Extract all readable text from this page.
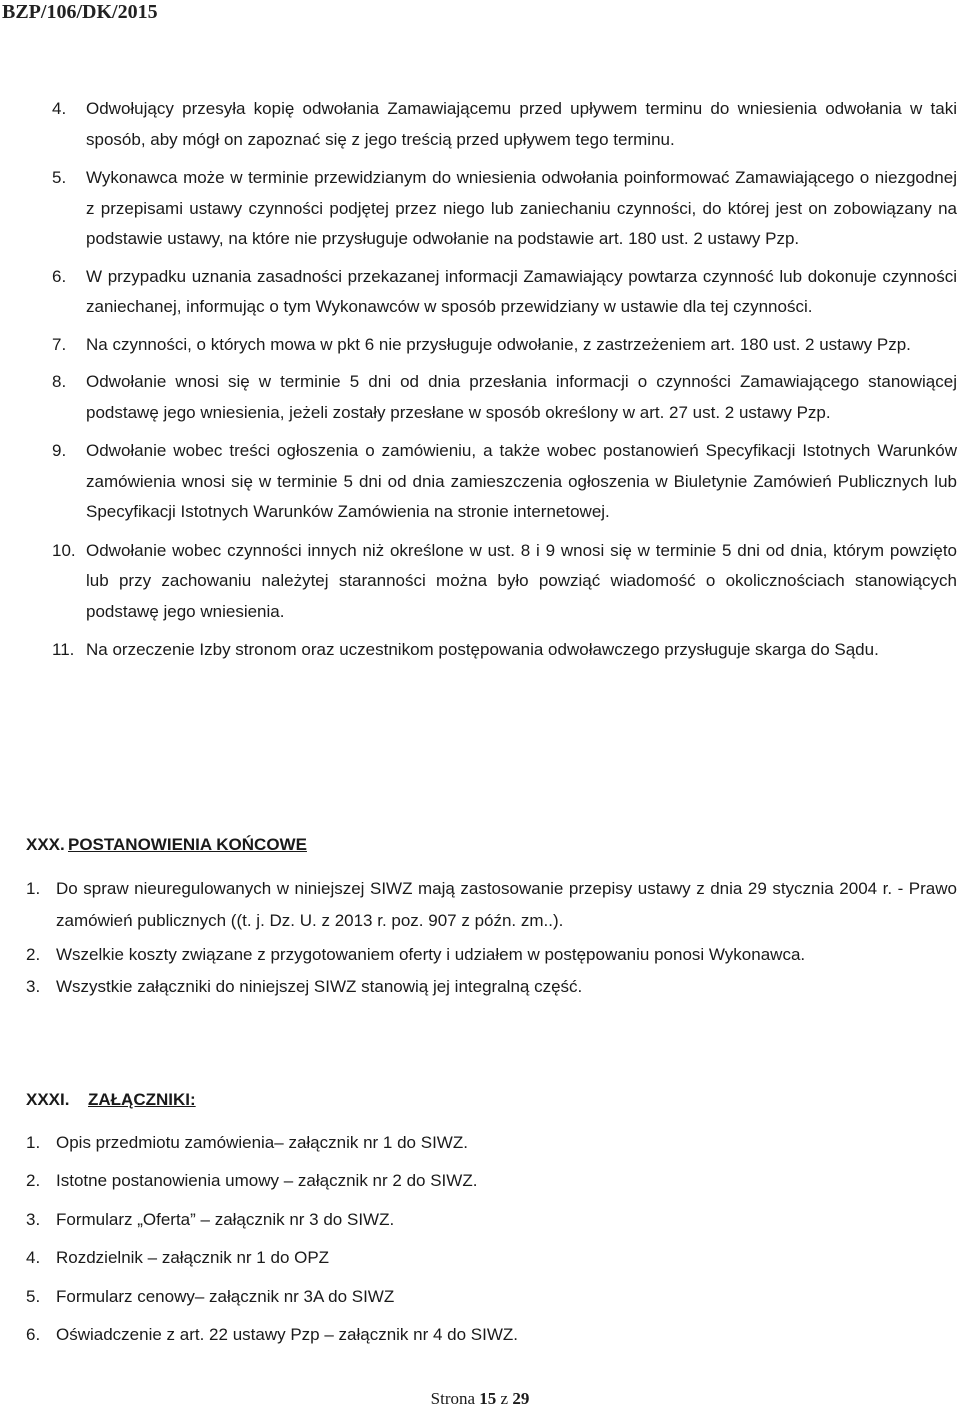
BZP/106/DK/2015
4. Odwołujący przesyła kopię odwołania Zamawiającemu przed upływem terminu do wniesienia odwołania w taki sposób, aby mógł on zapoznać się z jego treścią przed upływem tego terminu.
5. Wykonawca może w terminie przewidzianym do wniesienia odwołania poinformować Zamawiającego o niezgodnej z przepisami ustawy czynności podjętej przez niego lub zaniechaniu czynności, do której jest on zobowiązany na podstawie ustawy, na które nie przysługuje odwołanie na podstawie art. 180 ust. 2 ustawy Pzp.
6. W przypadku uznania zasadności przekazanej informacji Zamawiający powtarza czynność lub dokonuje czynności zaniechanej, informując o tym Wykonawców w sposób przewidziany w ustawie dla tej czynności.
7. Na czynności, o których mowa w pkt 6 nie przysługuje odwołanie, z zastrzeżeniem art. 180 ust. 2 ustawy Pzp.
8. Odwołanie wnosi się w terminie 5 dni od dnia przesłania informacji o czynności Zamawiającego stanowiącej podstawę jego wniesienia, jeżeli zostały przesłane w sposób określony w art. 27 ust. 2 ustawy Pzp.
9. Odwołanie wobec treści ogłoszenia o zamówieniu, a także wobec postanowień Specyfikacji Istotnych Warunków zamówienia wnosi się w terminie 5 dni od dnia zamieszczenia ogłoszenia w Biuletynie Zamówień Publicznych lub Specyfikacji Istotnych Warunków Zamówienia na stronie internetowej.
10. Odwołanie wobec czynności innych niż określone w ust. 8 i 9 wnosi się w terminie 5 dni od dnia, którym powzięto lub przy zachowaniu należytej staranności można było powziąć wiadomość o okolicznościach stanowiących podstawę jego wniesienia.
11. Na orzeczenie Izby stronom oraz uczestnikom postępowania odwoławczego przysługuje skarga do Sądu.
XXX. POSTANOWIENIA KOŃCOWE
1. Do spraw nieuregulowanych w niniejszej SIWZ mają zastosowanie przepisy ustawy z dnia 29 stycznia 2004 r. - Prawo zamówień publicznych ((t. j. Dz. U. z 2013 r. poz. 907 z późn. zm..).
2. Wszelkie koszty związane z przygotowaniem oferty i udziałem w postępowaniu ponosi Wykonawca.
3. Wszystkie załączniki do niniejszej SIWZ stanowią jej integralną część.
XXXI. ZAŁĄCZNIKI:
1. Opis przedmiotu zamówienia– załącznik nr 1 do SIWZ.
2. Istotne postanowienia umowy – załącznik nr 2 do SIWZ.
3. Formularz „Oferta” – załącznik nr 3 do SIWZ.
4. Rozdzielnik – załącznik nr 1 do OPZ
5. Formularz cenowy– załącznik nr 3A do SIWZ
6. Oświadczenie z art. 22 ustawy Pzp – załącznik nr 4 do SIWZ.
Strona 15 z 29
